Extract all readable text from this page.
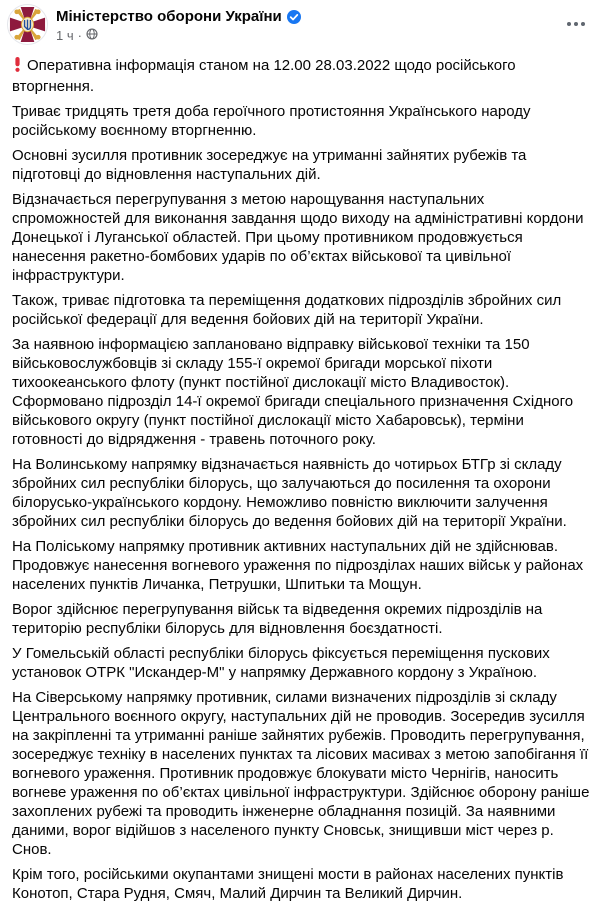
Міністерство оборони України
1 ч ·

Оперативна інформація станом на 12.00 28.03.2022 щодо російського вторгнення.

Триває тридцять третя доба героїчного протистояння Українського народу російському воєнному вторгненню.

Основні зусилля противник зосереджує на утриманні зайнятих рубежів та підготовці до відновлення наступальних дій.

Відзначається перегрупування з метою нарощування наступальних спроможностей для виконання завдання щодо виходу на адміністративні кордони Донецької і Луганської областей. При цьому противником продовжується нанесення ракетно-бомбових ударів по об’єктах військової та цивільної інфраструктури.

Також, триває підготовка та переміщення додаткових підрозділів збройних сил російської федерації для ведення бойових дій на території України.

За наявною інформацією заплановано відправку військової техніки та 150 військовослужбовців зі складу 155-ї окремої бригади морської піхоти тихоокеанського флоту (пункт постійної дислокації місто Владивосток). Сформовано підрозділ 14-ї окремої бригади спеціального призначення Східного військового округу (пункт постійної дислокації місто Хабаровськ), терміни готовності до відрядження - травень поточного року.

На Волинському напрямку відзначається наявність до чотирьох БТГр зі складу збройних сил республіки білорусь, що залучаються до посилення та охорони білорусько-українського кордону. Неможливо повністю виключити залучення збройних сил республіки білорусь до ведення бойових дій на території України.

На Поліському напрямку противник активних наступальних дій не здійснював. Продовжує нанесення вогневого ураження по підрозділах наших військ у районах населених пунктів Личанка, Петрушки, Шпитьки та Мощун.

Ворог здійснює перегрупування військ та відведення окремих підрозділів на територію республіки білорусь для відновлення боєздатності.

У Гомельській області республіки білорусь фіксується переміщення пускових установок ОТРК "Искандер-М" у напрямку Державного кордону з Україною.

На Сіверському напрямку противник, силами визначених підрозділів зі складу Центрального воєнного округу, наступальних дій не проводив. Зосередив зусилля на закріпленні та утриманні раніше зайнятих рубежів. Проводить перегрупування, зосереджує техніку в населених пунктах та лісових масивах з метою запобігання її вогневого ураження. Противник продовжує блокувати місто Чернігів, наносить вогневе ураження по об’єктах цивільної інфраструктури. Здійснює оборону раніше захоплених рубежі та проводить інженерне обладнання позицій. За наявними даними, ворог відійшов з населеного пункту Сновськ, знищивши міст через р. Снов.

Крім того, російськими окупантами знищені мости в районах населених пунктів Конотоп, Стара Рудня, Смяч, Малий Дирчин та Великий Дирчин.
